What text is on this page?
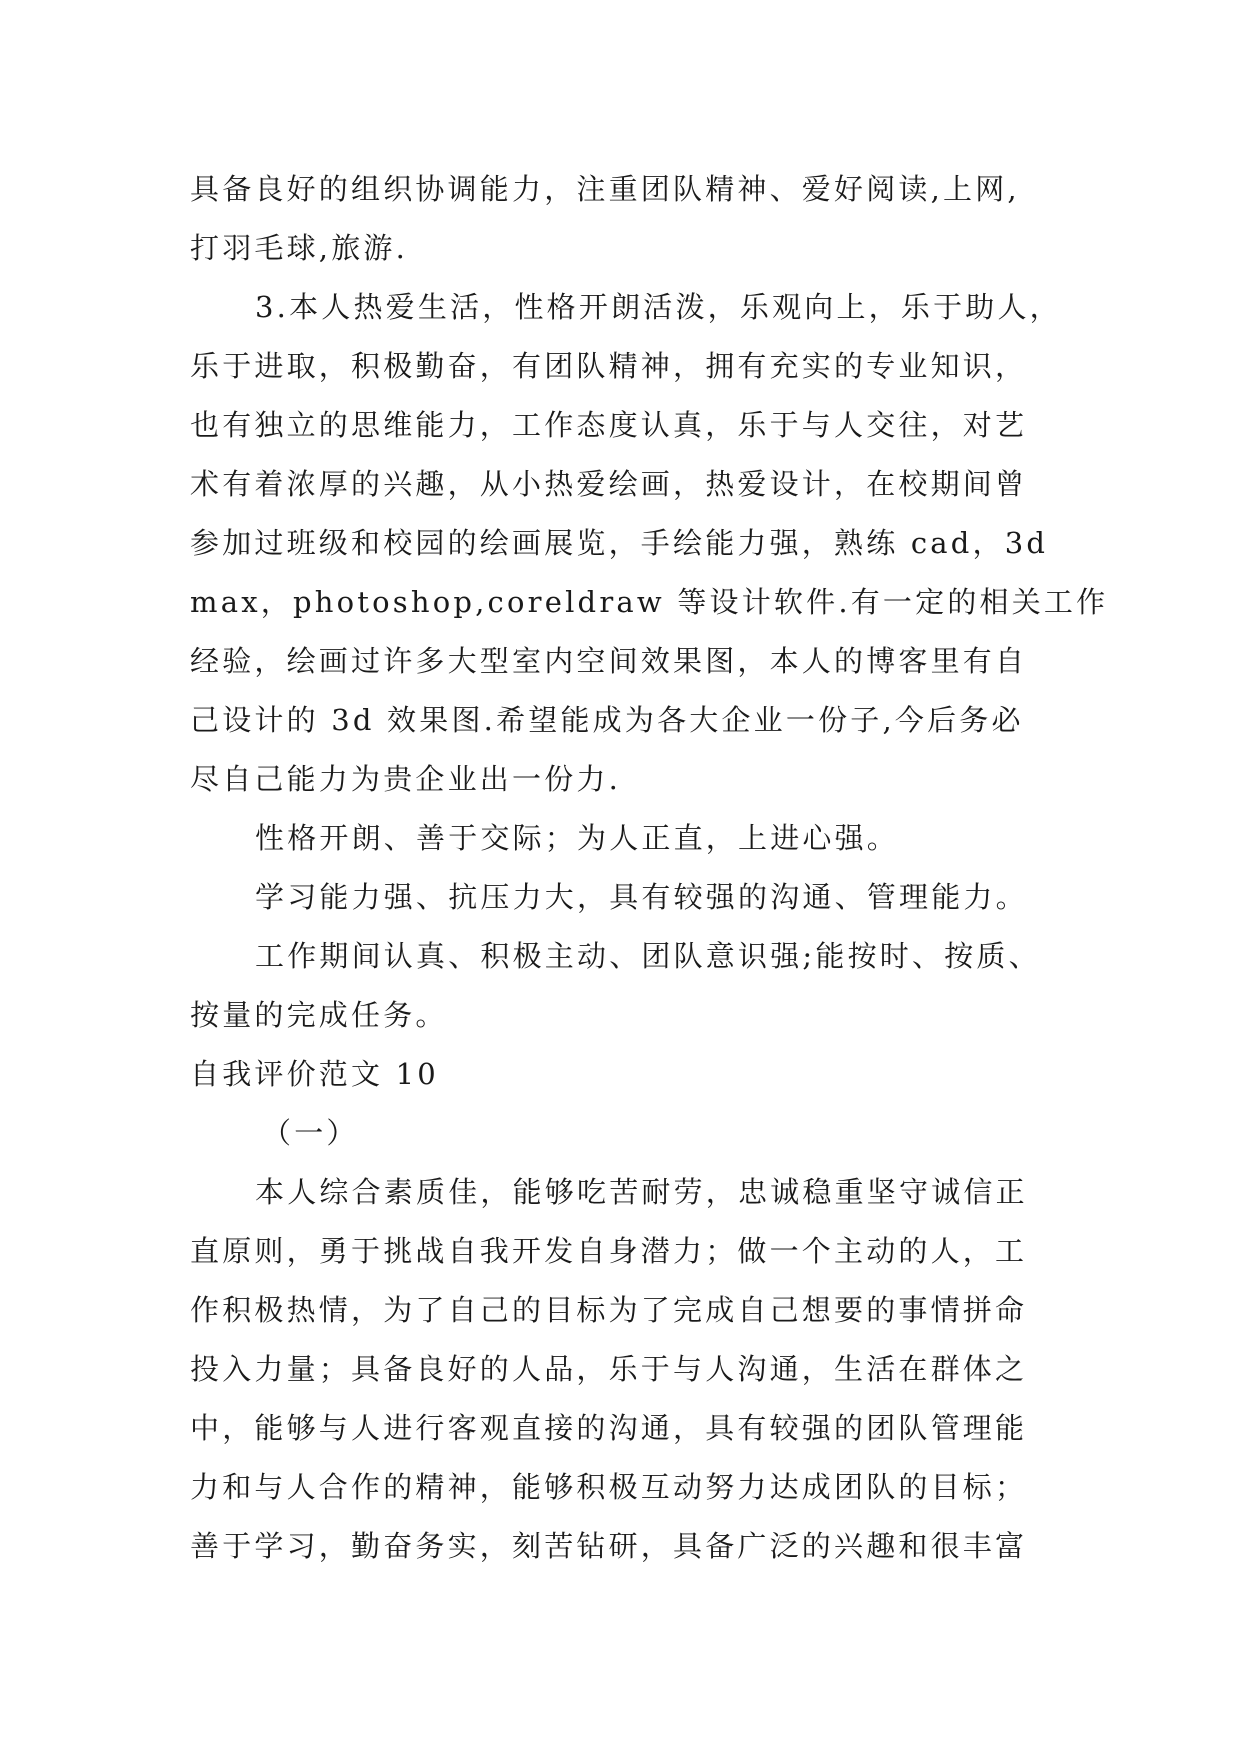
具备良好的组织协调能力，注重团队精神、爱好阅读,上网,
打羽毛球,旅游.
3.本人热爱生活，性格开朗活泼，乐观向上，乐于助人，
乐于进取，积极勤奋，有团队精神，拥有充实的专业知识，
也有独立的思维能力，工作态度认真，乐于与人交往，对艺
术有着浓厚的兴趣，从小热爱绘画，热爱设计，在校期间曾
参加过班级和校园的绘画展览，手绘能力强，熟练 cad，3d
max，photoshop,coreldraw 等设计软件.有一定的相关工作
经验，绘画过许多大型室内空间效果图，本人的博客里有自
己设计的 3d 效果图.希望能成为各大企业一份子,今后务必
尽自己能力为贵企业出一份力.
性格开朗、善于交际；为人正直，上进心强。
学习能力强、抗压力大，具有较强的沟通、管理能力。
工作期间认真、积极主动、团队意识强;能按时、按质、
按量的完成任务。
自我评价范文 10
（一）
本人综合素质佳，能够吃苦耐劳，忠诚稳重坚守诚信正
直原则，勇于挑战自我开发自身潜力；做一个主动的人，工
作积极热情，为了自己的目标为了完成自己想要的事情拼命
投入力量；具备良好的人品，乐于与人沟通，生活在群体之
中，能够与人进行客观直接的沟通，具有较强的团队管理能
力和与人合作的精神，能够积极互动努力达成团队的目标；
善于学习，勤奋务实，刻苦钻研，具备广泛的兴趣和很丰富
